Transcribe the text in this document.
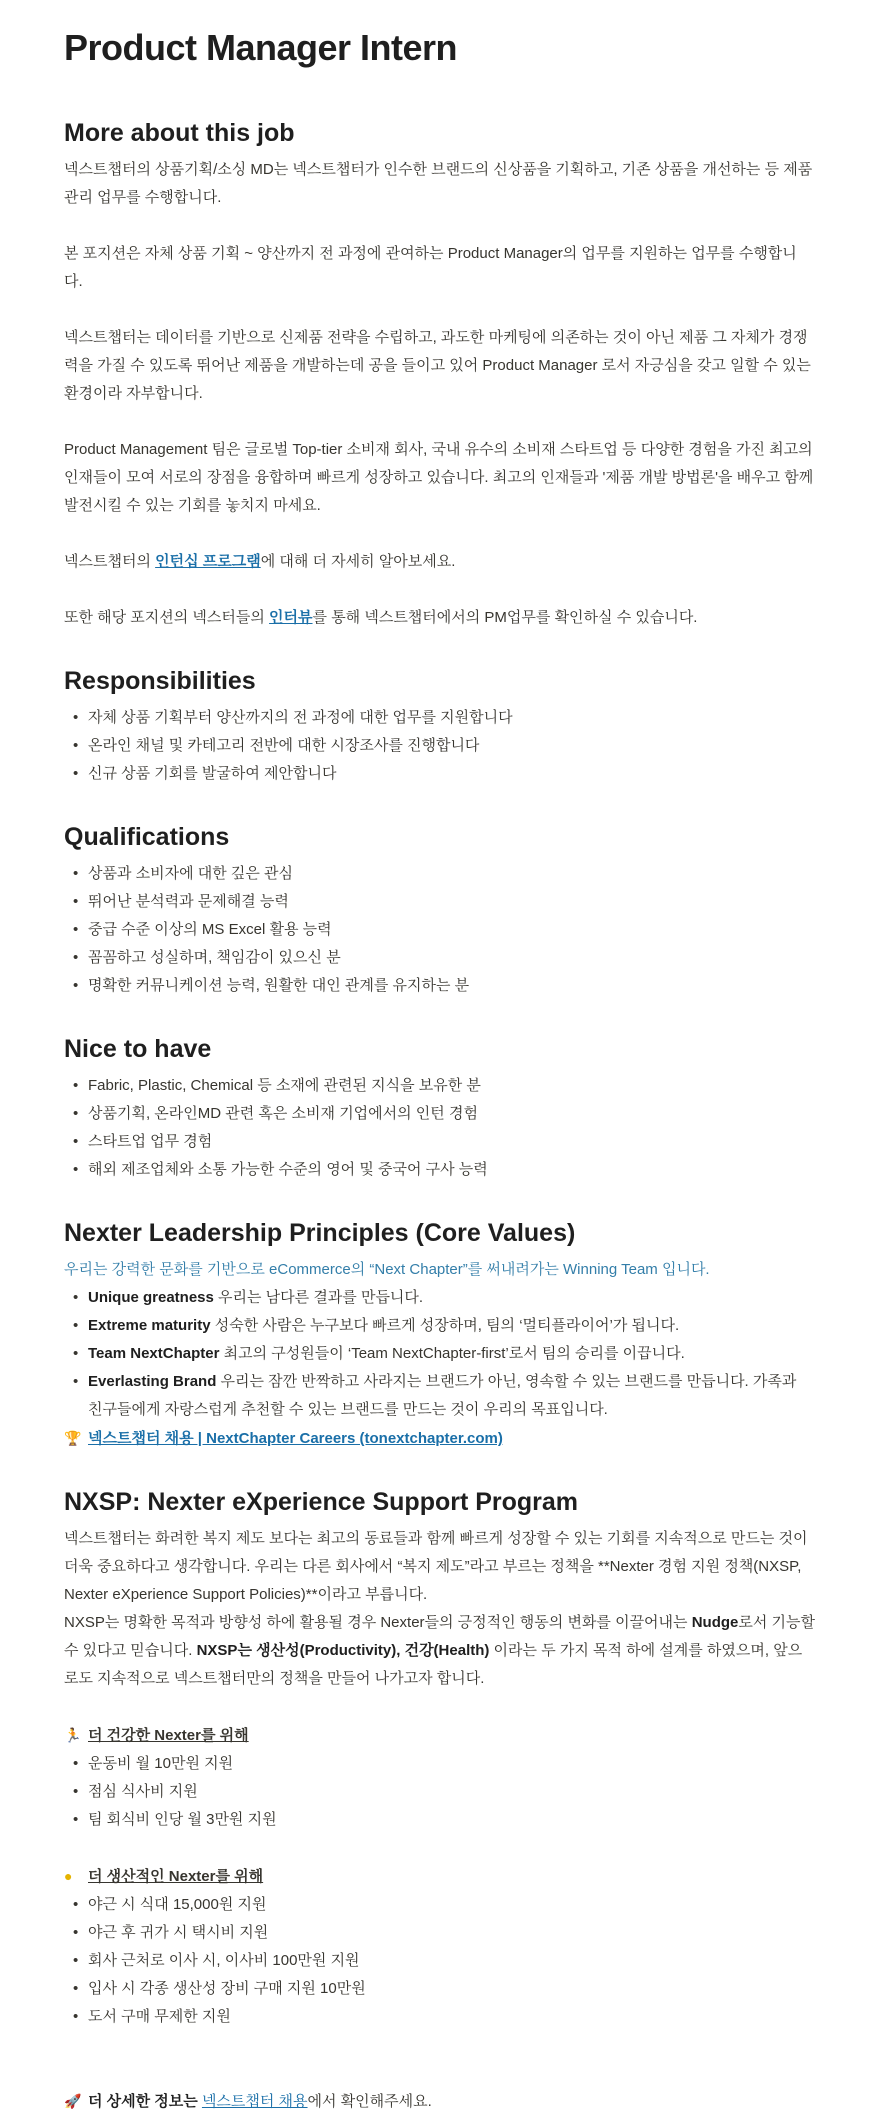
Product Manager Intern
More about this job

넥스트챕터의 상품기획/소싱 MD는 넥스트챕터가 인수한 브랜드의 신상품을 기획하고, 기존 상품을 개선하는 등 제품 관리 업무를 수행합니다.

본 포지션은 자체 상품 기획 ~ 양산까지 전 과정에 관여하는 Product Manager의 업무를 지원하는 업무를 수행합니다.

넥스트챕터는 데이터를 기반으로 신제품 전략을 수립하고, 과도한 마케팅에 의존하는 것이 아닌 제품 그 자체가 경쟁력을 가질 수 있도록 뛰어난 제품을 개발하는데 공을 들이고 있어 Product Manager 로서 자긍심을 갖고 일할 수 있는 환경이라 자부합니다.

Product Management 팀은 글로벌 Top-tier 소비재 회사, 국내 유수의 소비재 스타트업 등 다양한 경험을 가진 최고의 인재들이 모여 서로의 장점을 융합하며 빠르게 성장하고 있습니다. 최고의 인재들과 '제품 개발 방법론'을 배우고 함께 발전시킬 수 있는 기회를 놓치지 마세요.

넥스트챕터의 인턴십 프로그램에 대해 더 자세히 알아보세요.

또한 해당 포지션의 넥스터들의 인터뷰를 통해 넥스트챕터에서의 PM업무를 확인하실 수 있습니다.

Responsibilities
• 자체 상품 기획부터 양산까지의 전 과정에 대한 업무를 지원합니다
• 온라인 채널 및 카테고리 전반에 대한 시장조사를 진행합니다
• 신규 상품 기회를 발굴하여 제안합니다
Qualifications
• 상품과 소비자에 대한 깊은 관심
• 뛰어난 분석력과 문제해결 능력
• 중급 수준 이상의 MS Excel 활용 능력
• 꼼꼼하고 성실하며, 책임감이 있으신 분
• 명확한 커뮤니케이션 능력, 원활한 대인 관계를 유지하는 분
Nice to have
• Fabric, Plastic, Chemical 등 소재에 관련된 지식을 보유한 분
• 상품기획, 온라인MD 관련 혹은 소비재 기업에서의 인턴 경험
• 스타트업 업무 경험
• 해외 제조업체와 소통 가능한 수준의 영어 및 중국어 구사 능력
Nexter Leadership Principles (Core Values)

우리는 강력한 문화를 기반으로 eCommerce의 “Next Chapter”를 써내려가는 Winning Team 입니다.

• Unique greatness 우리는 남다른 결과를 만듭니다.
• Extreme maturity 성숙한 사람은 누구보다 빠르게 성장하며, 팀의 ‘멀티플라이어’가 됩니다.
• Team NextChapter 최고의 구성원들이 ‘Team NextChapter-first’로서 팀의 승리를 이끕니다.
• Everlasting Brand 우리는 잠깐 반짝하고 사라지는 브랜드가 아닌, 영속할 수 있는 브랜드를 만듭니다. 가족과 친구들에게 자랑스럽게 추천할 수 있는 브랜드를 만드는 것이 우리의 목표입니다.

🏆 넥스트챕터 채용 | NextChapter Careers (tonextchapter.com)

NXSP: Nexter eXperience Support Program

넥스트챕터는 화려한 복지 제도 보다는 최고의 동료들과 함께 빠르게 성장할 수 있는 기회를 지속적으로 만드는 것이 더욱 중요하다고 생각합니다. 우리는 다른 회사에서 “복지 제도”라고 부르는 정책을 **Nexter 경험 지원 정책(NXSP, Nexter eXperience Support Policies)**이라고 부릅니다.

NXSP는 명확한 목적과 방향성 하에 활용될 경우 Nexter들의 긍정적인 행동의 변화를 이끌어내는 Nudge로서 기능할 수 있다고 믿습니다. NXSP는 생산성(Productivity), 건강(Health) 이라는 두 가지 목적 하에 설계를 하였으며, 앞으로도 지속적으로 넥스트챕터만의 정책을 만들어 나가고자 합니다.

🏃 더 건강한 Nexter를 위해

• 운동비 월 10만원 지원
• 점심 식사비 지원
• 팀 회식비 인당 월 3만원 지원

● 더 생산적인 Nexter를 위해

• 야근 시 식대 15,000원 지원
• 야근 후 귀가 시 택시비 지원
• 회사 근처로 이사 시, 이사비 100만원 지원
• 입사 시 각종 생산성 장비 구매 지원 10만원
• 도서 구매 무제한 지원

🚀 더 상세한 정보는 넥스트챕터 채용에서 확인해주세요.
